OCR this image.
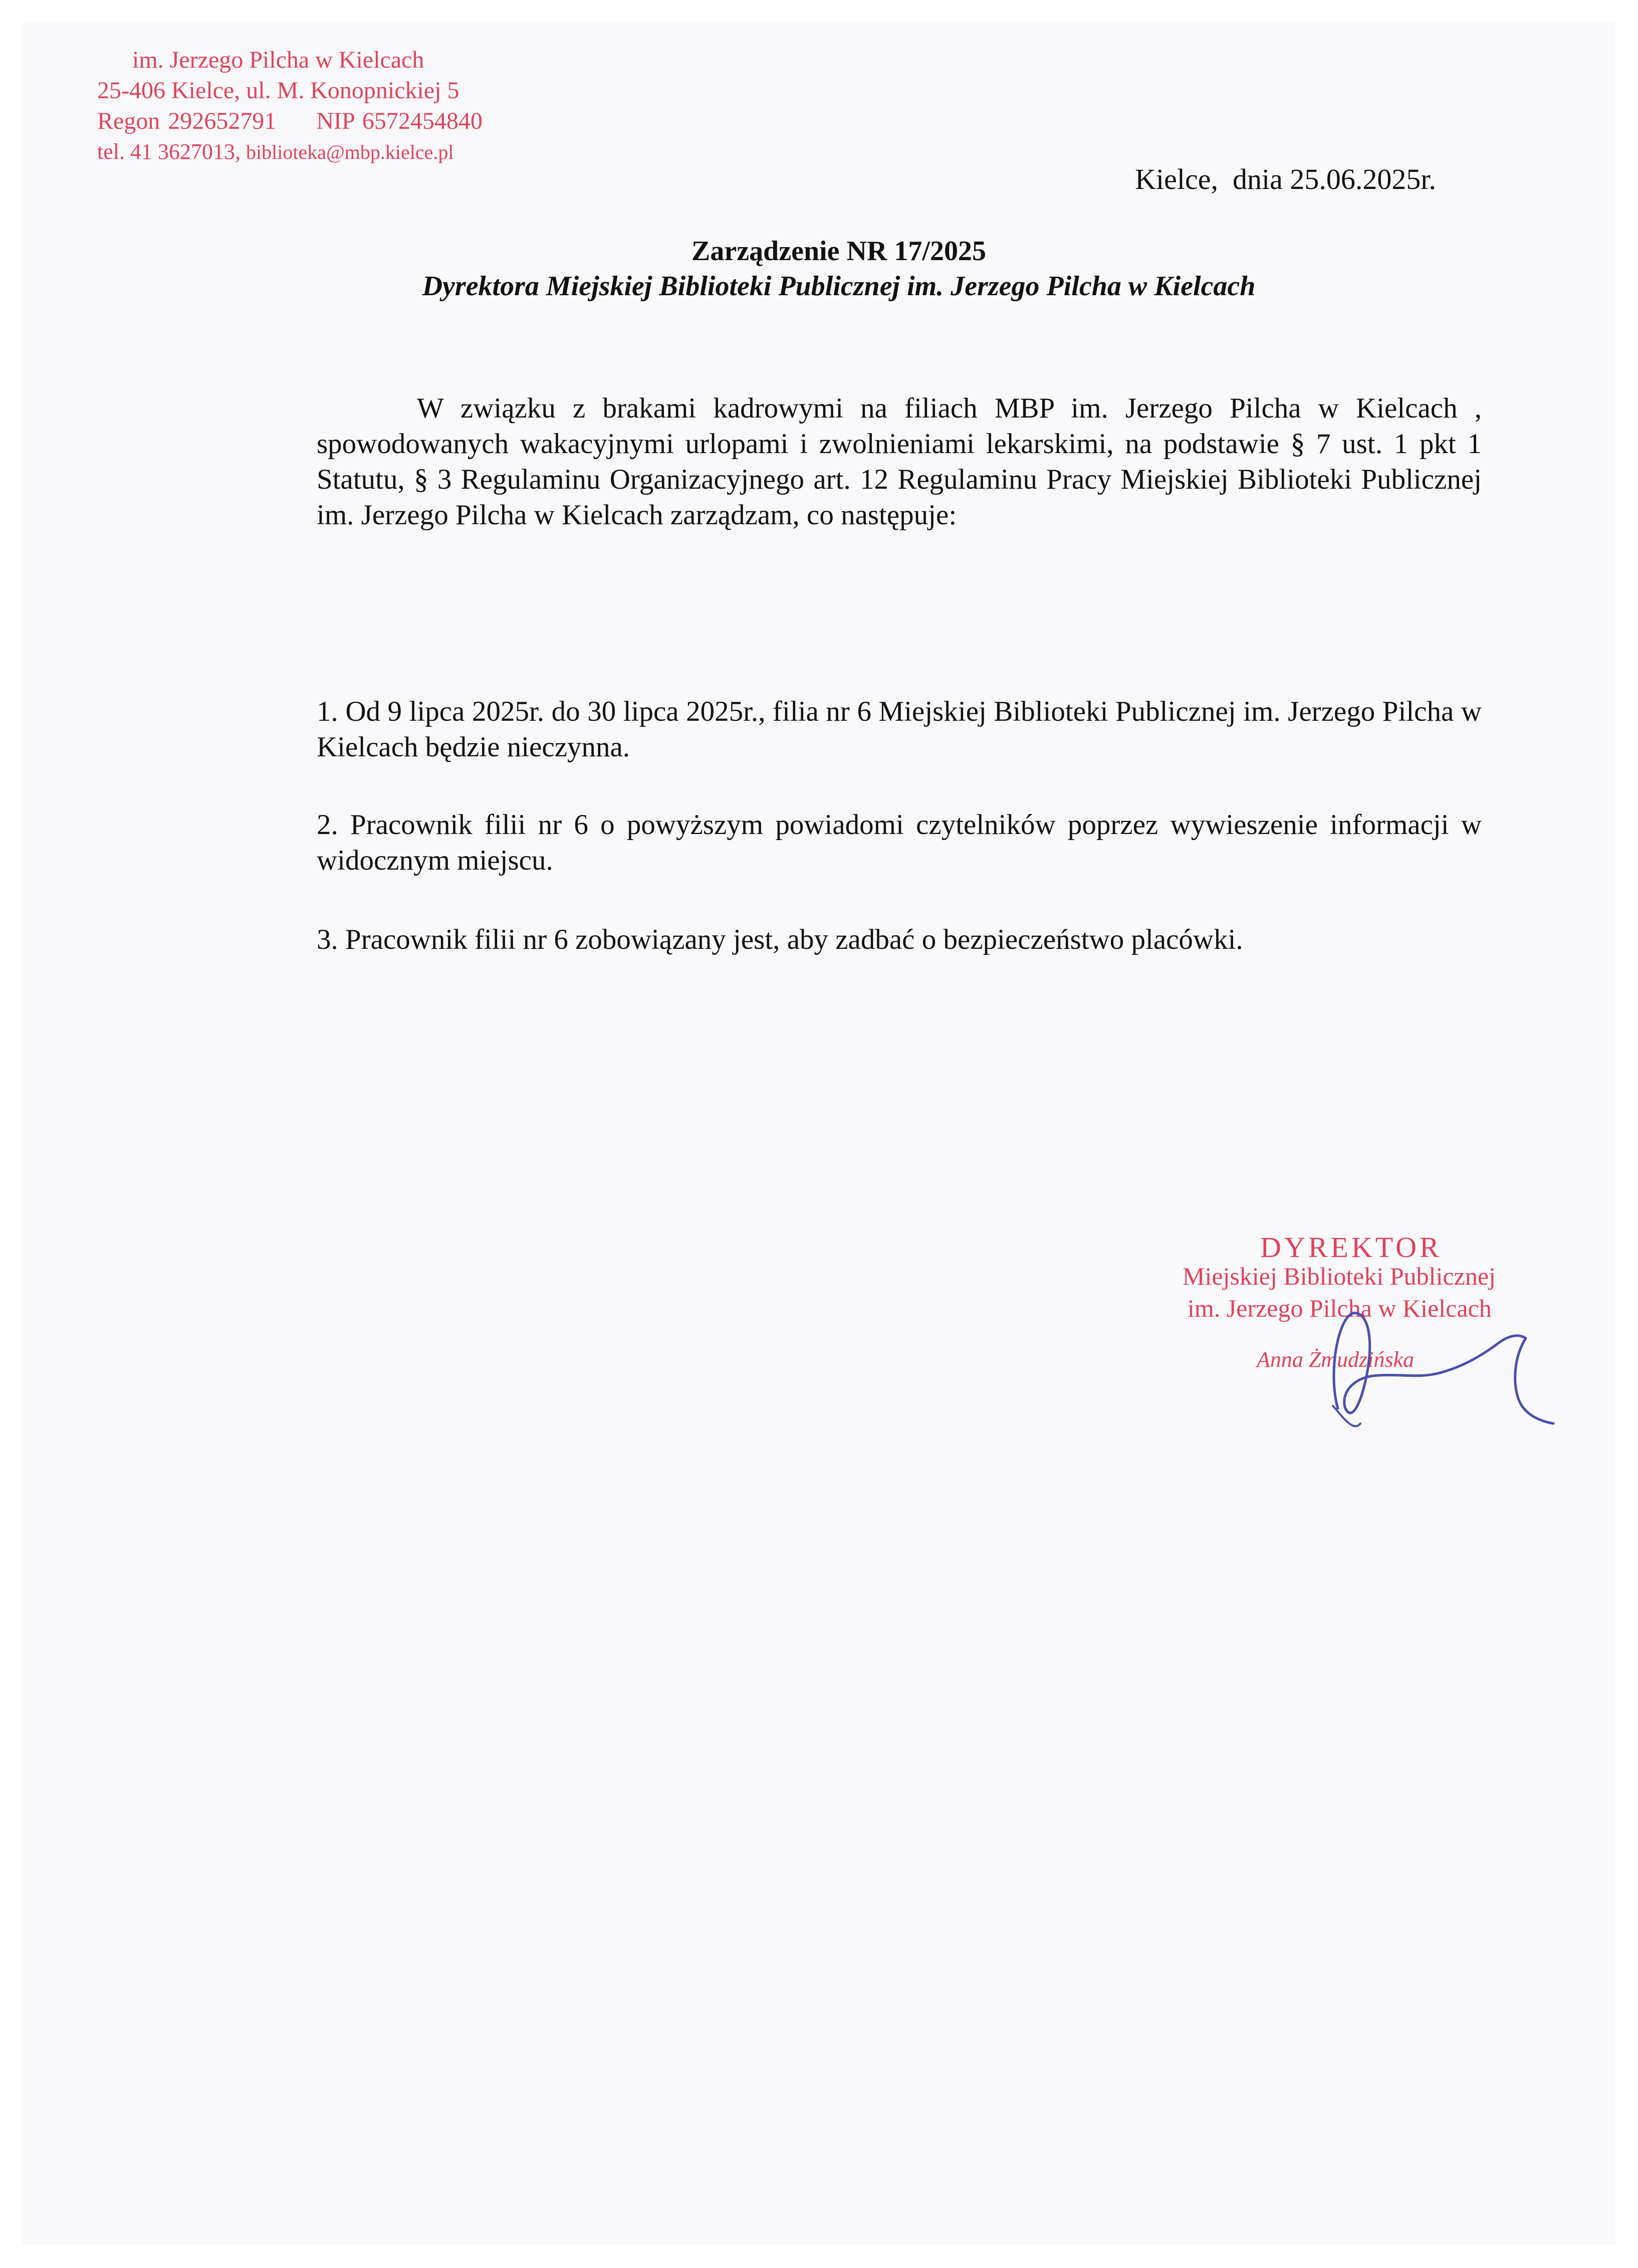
im. Jerzego Pilcha w Kielcach
25-406 Kielce, ul. M. Konopnickiej 5
Regon 292652791     NIP 6572454840
tel. 41 3627013, biblioteka@mbp.kielce.pl
Kielce,  dnia 25.06.2025r.
Zarządzenie NR 17/2025
Dyrektora Miejskiej Biblioteki Publicznej im. Jerzego Pilcha w Kielcach
W związku z brakami kadrowymi na filiach MBP im. Jerzego Pilcha w Kielcach , spowodowanych wakacyjnymi urlopami i zwolnieniami lekarskimi, na podstawie § 7 ust. 1 pkt 1 Statutu, § 3 Regulaminu Organizacyjnego art. 12 Regulaminu Pracy Miejskiej Biblioteki Publicznej im. Jerzego Pilcha w Kielcach zarządzam, co następuje:
1. Od 9 lipca 2025r. do 30 lipca 2025r., filia nr 6 Miejskiej Biblioteki Publicznej im. Jerzego Pilcha w Kielcach będzie nieczynna.
2. Pracownik filii nr 6 o powyższym powiadomi czytelników poprzez wywieszenie informacji w widocznym miejscu.
3. Pracownik filii nr 6 zobowiązany jest, aby zadbać o bezpieczeństwo placówki.
DYREKTOR
Miejskiej Biblioteki Publicznej
im. Jerzego Pilcha w Kielcach
Anna Żmudzińska
